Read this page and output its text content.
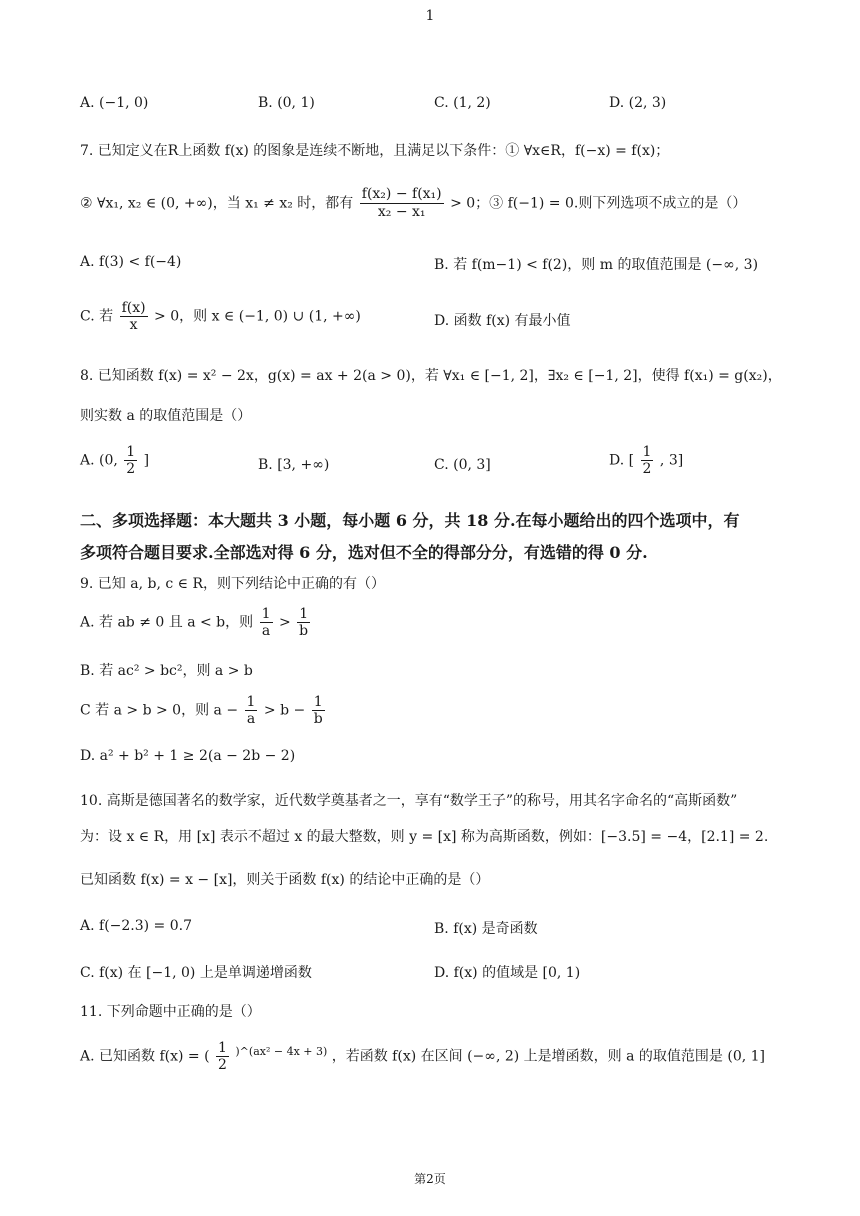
1
A. (−1, 0)	B. (0, 1)	C. (1, 2)	D. (2, 3)
7. 已知定义在R上函数 f(x) 的图象是连续不断地，且满足以下条件：① ∀x∈R，f(−x) = f(x)；
② ∀x₁, x₂ ∈ (0, +∞)，当 x₁ ≠ x₂ 时，都有 $\frac{\text{f(x₂) − f(x₁)}}{\text{x₂ − x₁}} > 0$；③ f(−1) = 0.则下列选项不成立的是（）
A. f(3) < f(−4)	B. 若 f(m−1) < f(2)，则 m 的取值范围是 (−∞, 3)
C. 若 $\frac{f(x)}{x} > 0$，则 x ∈ (−1, 0) ∪ (1, +∞)	D. 函数 f(x) 有最小值
8. 已知函数 f(x) = x² − 2x，g(x) = ax + 2(a > 0)，若 ∀x₁ ∈ [−1, 2]，∃x₂ ∈ [−1, 2]，使得 f(x₁) = g(x₂)，
则实数 a 的取值范围是（）
A. (0, $\frac{1}{2}$ ]	B. [3, +∞)	C. (0, 3]	D. [ $\frac{1}{2}$ , 3]
二、多项选择题：本大题共 3 小题，每小题 6 分，共 18 分.在每小题给出的四个选项中，有
多项符合题目要求.全部选对得 6 分，选对但不全的得部分分，有选错的得 0 分.
9. 已知 a, b, c ∈ R，则下列结论中正确的有（）
A. 若 ab ≠ 0 且 a < b，则 $\frac{1}{a} > \frac{1}{b}$
B. 若 ac² > bc²，则 a > b
C 若 a > b > 0，则 $a - \frac{1}{a} > b - \frac{1}{b}$
D. a² + b² + 1 ≥ 2(a − 2b − 2)
10. 高斯是德国著名的数学家，近代数学奠基者之一，享有“数学王子”的称号，用其名字命名的“高斯函数”
为：设 x ∈ R，用 [x] 表示不超过 x 的最大整数，则 y = [x] 称为高斯函数，例如：[−3.5] = −4，[2.1] = 2.
已知函数 f(x) = x − [x]，则关于函数 f(x) 的结论中正确的是（）
A. f(−2.3) = 0.7	B. f(x) 是奇函数
C. f(x) 在 [−1, 0) 上是单调递增函数	D. f(x) 的值域是 [0, 1)
11. 下列命题中正确的是（）
A. 已知函数 f(x) = ( $\frac{1}{2} ^{)\^{}(ax^2 - 4x + 3)}$ ，若函数 f(x) 在区间 (−∞, 2) 上是增函数，则 a 的取值范围是 (0, 1]
第2页
